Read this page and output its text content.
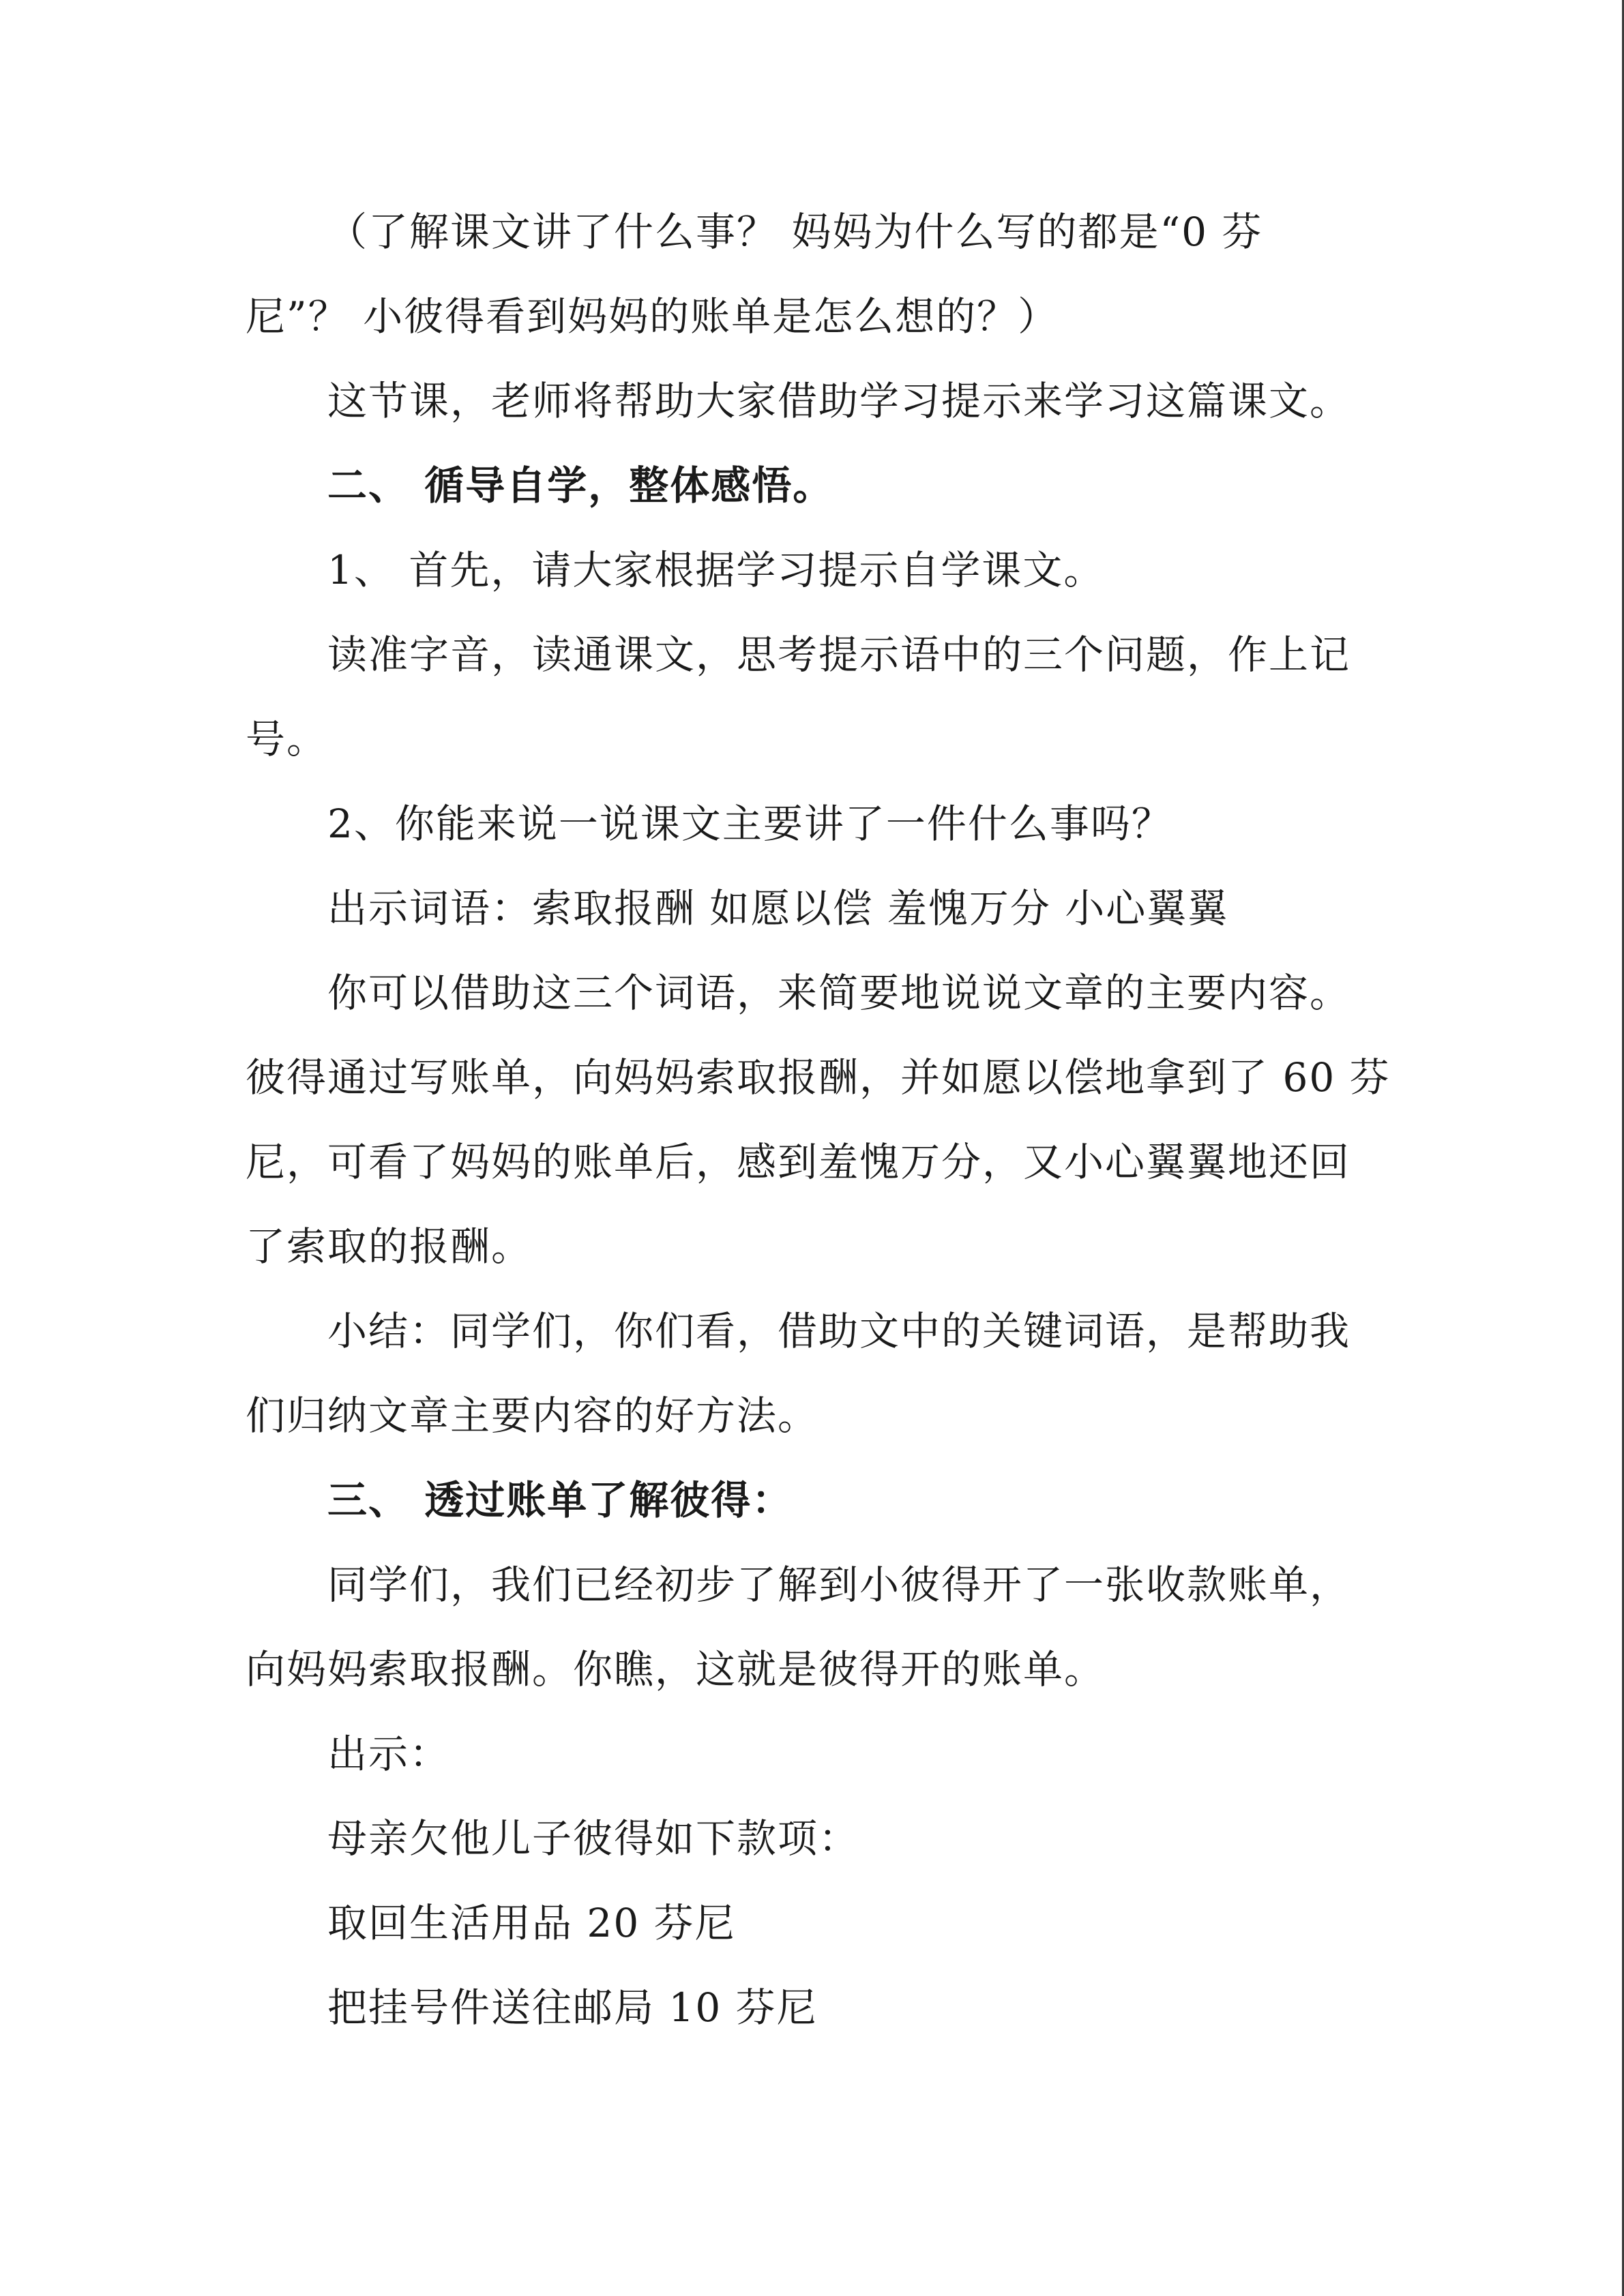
（了解课文讲了什么事？ 妈妈为什么写的都是“0 芬
尼”？ 小彼得看到妈妈的账单是怎么想的？）
这节课，老师将帮助大家借助学习提示来学习这篇课文。
二、 循导自学，整体感悟。
1、 首先，请大家根据学习提示自学课文。
读准字音，读通课文，思考提示语中的三个问题，作上记
号。
2、你能来说一说课文主要讲了一件什么事吗？
出示词语：索取报酬 如愿以偿 羞愧万分 小心翼翼
你可以借助这三个词语，来简要地说说文章的主要内容。
彼得通过写账单，向妈妈索取报酬，并如愿以偿地拿到了 60 芬
尼，可看了妈妈的账单后，感到羞愧万分，又小心翼翼地还回
了索取的报酬。
小结：同学们，你们看，借助文中的关键词语，是帮助我
们归纳文章主要内容的好方法。
三、 透过账单了解彼得：
同学们，我们已经初步了解到小彼得开了一张收款账单，
向妈妈索取报酬。你瞧，这就是彼得开的账单。
出示：
母亲欠他儿子彼得如下款项：
取回生活用品 20 芬尼
把挂号件送往邮局 10 芬尼
